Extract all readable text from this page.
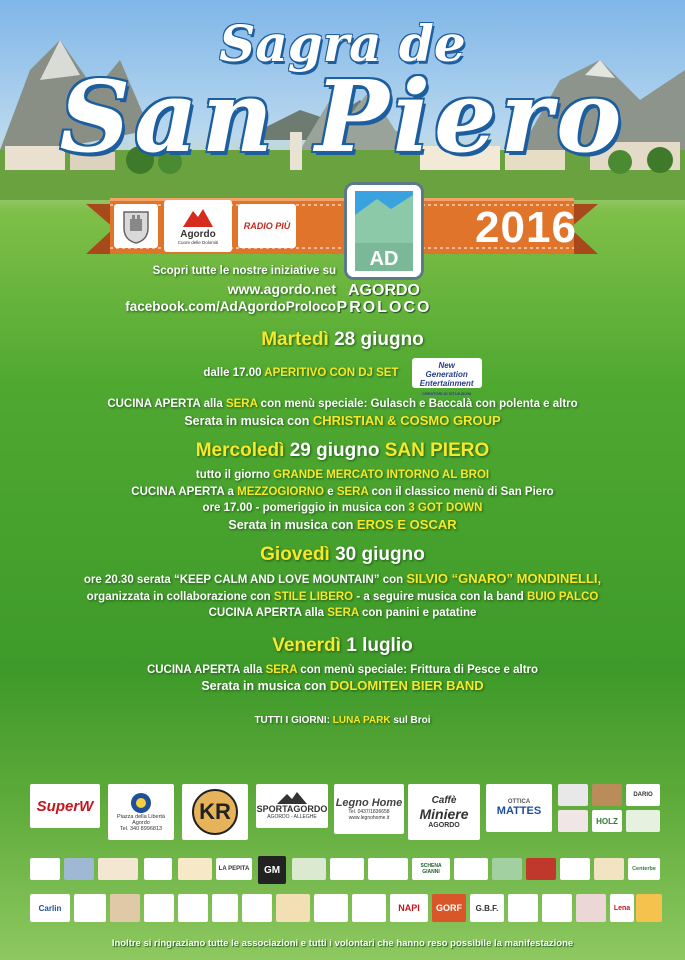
Sagra de
San Piero
Agordo
Cuore delle Dolomiti
RADIO PIÙ	2016
AD
AGORDO
PROLOCO
Scopri tutte le nostre iniziative su
www.agordo.net
facebook.com/AdAgordoProloco

Martedì 28 giugno

dalle 17.00 APERITIVO CON DJ SET New
Generation
Entertainment
CREATORI DI SITUAZIONI

CUCINA APERTA alla SERA con menù speciale: Gulasch e Baccalà con polenta e altro

Serata in musica con CHRISTIAN & COSMO GROUP

Mercoledì 29 giugno SAN PIERO

tutto il giorno GRANDE MERCATO INTORNO AL BROI

CUCINA APERTA a MEZZOGIORNO e SERA con il classico menù di San Piero

ore 17.00 - pomeriggio in musica con 3 GOT DOWN

Serata in musica con EROS E OSCAR

Giovedì 30 giugno

ore 20.30 serata “KEEP CALM AND LOVE MOUNTAIN” con SILVIO “GNARO” MONDINELLI,

organizzata in collaborazione con STILE LIBERO - a seguire musica con la band BUIO PALCO

CUCINA APERTA alla SERA con panini e patatine

Venerdì 1 luglio

CUCINA APERTA alla SERA con menù speciale: Frittura di Pesce e altro

Serata in musica con DOLOMITEN BIER BAND

TUTTI I GIORNI: LUNA PARK sul Broi

SuperW
Piazza della Libertà
Agordo
Tel. 340 8996813
KR	SPORTAGORDO
AGORDO - ALLEGHE
Legno Home
Tel. 0437/1836658
www.legnohome.it
Caffè
Miniere
AGORDO
OTTICA
MATTES
DARIO
HOLZ
LA PEPITA GM	SCHENA GIANNI	Centerbe
Carlin	NAPI GORF G.B.F.	Lena
Inoltre si ringraziano tutte le associazioni e tutti i volontari che hanno reso possibile la manifestazione
